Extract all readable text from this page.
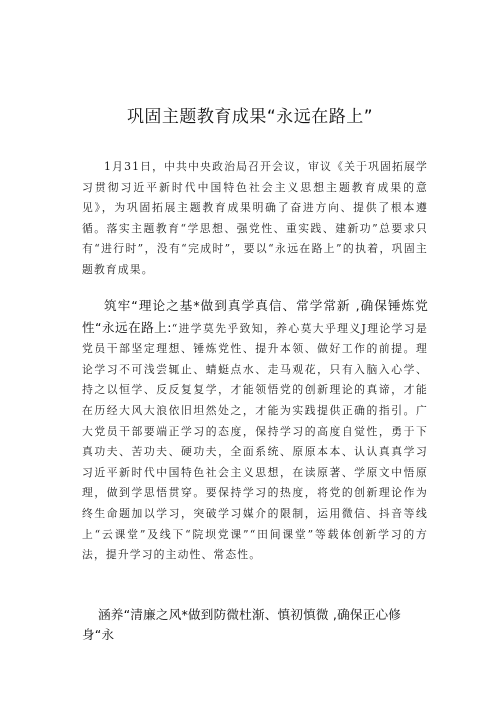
巩固主题教育成果“永远在路上”
1月31日，中共中央政治局召开会议，审议《关于巩固拓展学习贯彻习近平新时代中国特色社会主义思想主题教育成果的意见》，为巩固拓展主题教育成果明确了奋进方向、提供了根本遵循。落实主题教育“学思想、强党性、重实践、建新功”总要求只有“进行时”，没有“完成时”，要以“永远在路上”的执着，巩固主题教育成果。
筑牢“理论之基*做到真学真信、常学常新 ,确保锤炼党性“永远在路上:“进学莫先乎致知，养心莫大乎理义J理论学习是党员干部坚定理想、锤炼党性、提升本领、做好工作的前提。理论学习不可浅尝辄止、蜻蜓点水、走马观花，只有入脑入心学、持之以恒学、反反复复学，才能领悟党的创新理论的真谛，才能在历经大风大浪依旧坦然处之，才能为实践提供正确的指引。广大党员干部要端正学习的态度，保持学习的高度自觉性，勇于下真功夫、苦功夫、硬功夫，全面系统、原原本本、认认真真学习习近平新时代中国特色社会主义思想，在读原著、学原文中悟原理，做到学思悟贯穿。要保持学习的热度，将党的创新理论作为终生命题加以学习，突破学习媒介的限制，运用微信、抖音等线上“云课堂”及线下“院坝党课”“田间课堂”等载体创新学习的方法，提升学习的主动性、常态性。
涵养“清廉之风*做到防微杜渐、慎初慎微 ,确保正心修身“永
